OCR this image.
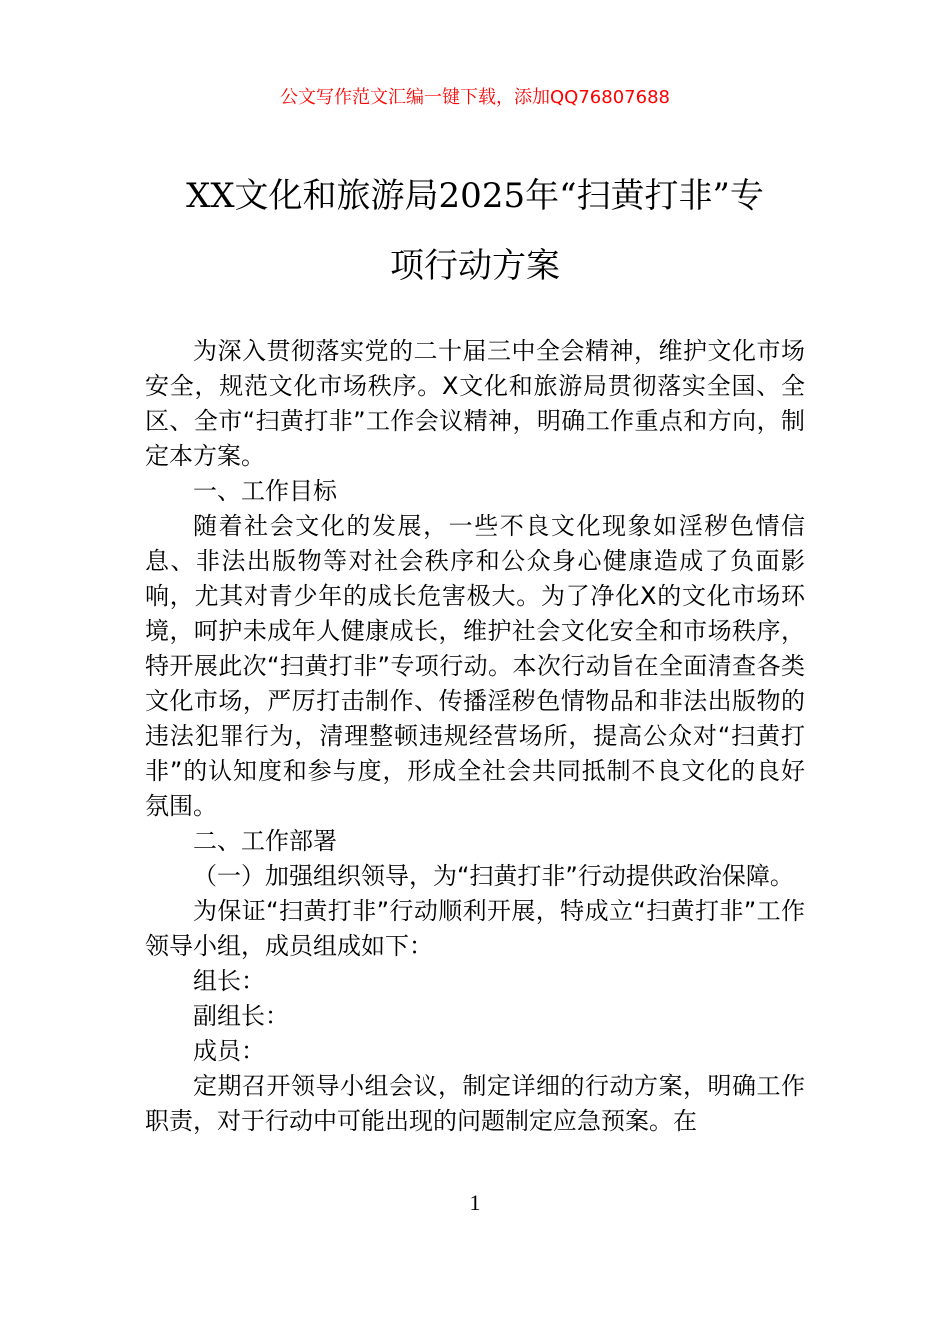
公文写作范文汇编一键下载，添加QQ76807688
XX文化和旅游局2025年“扫黄打非”专
项行动方案

为深入贯彻落实党的二十届三中全会精神，维护文化市场安全，规范文化市场秩序。X文化和旅游局贯彻落实全国、全区、全市“扫黄打非”工作会议精神，明确工作重点和方向，制定本方案。

一、工作目标

随着社会文化的发展，一些不良文化现象如淫秽色情信息、非法出版物等对社会秩序和公众身心健康造成了负面影响，尤其对青少年的成长危害极大。为了净化X的文化市场环境，呵护未成年人健康成长，维护社会文化安全和市场秩序，特开展此次“扫黄打非”专项行动。本次行动旨在全面清查各类文化市场，严厉打击制作、传播淫秽色情物品和非法出版物的违法犯罪行为，清理整顿违规经营场所，提高公众对“扫黄打非”的认知度和参与度，形成全社会共同抵制不良文化的良好氛围。

二、工作部署

（一）加强组织领导，为“扫黄打非”行动提供政治保障。

为保证“扫黄打非”行动顺利开展，特成立“扫黄打非”工作领导小组，成员组成如下：

组长：

副组长：

成员：

定期召开领导小组会议，制定详细的行动方案，明确工作职责，对于行动中可能出现的问题制定应急预案。在

1
